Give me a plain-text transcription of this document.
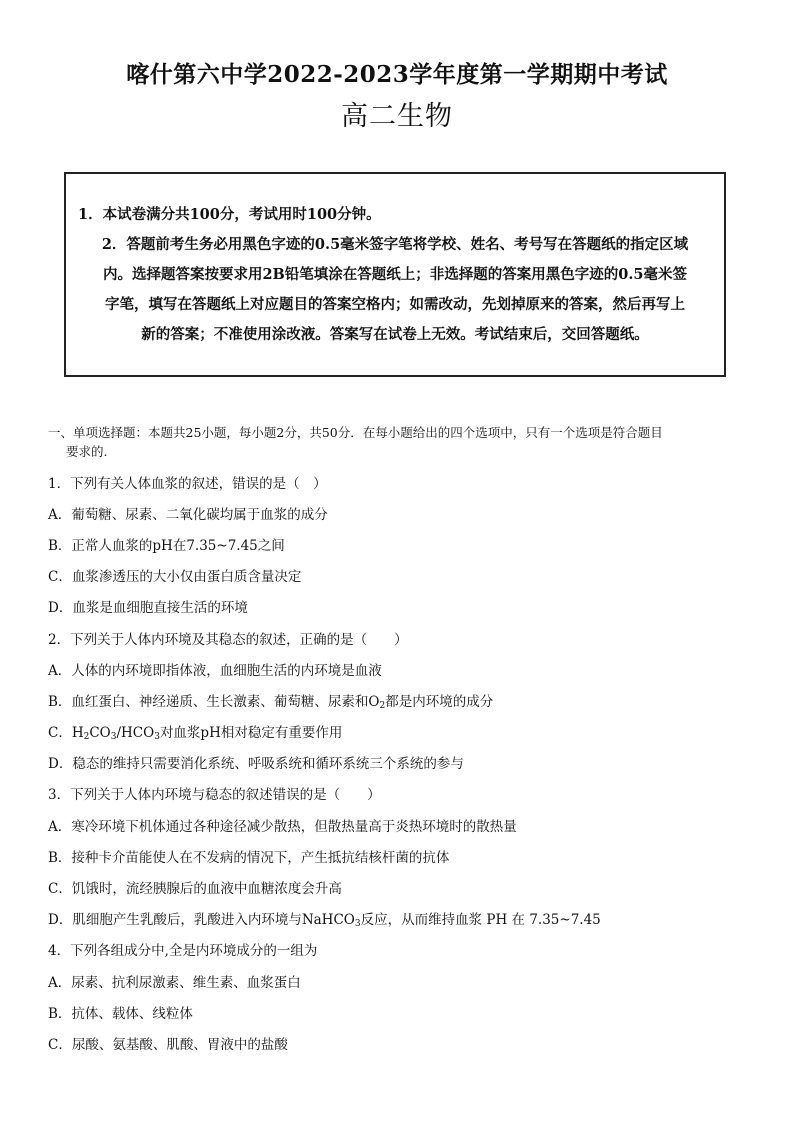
喀什第六中学2022-2023学年度第一学期期中考试
高二生物

1．本试卷满分共100分，考试用时100分钟。

2．答题前考生务必用黑色字迹的0.5毫米签字笔将学校、姓名、考号写在答题纸的指定区域

内。选择题答案按要求用2B铅笔填涂在答题纸上；非选择题的答案用黑色字迹的0.5毫米签

字笔，填写在答题纸上对应题目的答案空格内；如需改动，先划掉原来的答案，然后再写上

新的答案；不准使用涂改液。答案写在试卷上无效。考试结束后，交回答题纸。

一、单项选择题：本题共25小题，每小题2分，共50分．在每小题给出的四个选项中，只有一个选项是符合题目
要求的.
1．下列有关人体血浆的叙述，错误的是（　）
A．葡萄糖、尿素、二氧化碳均属于血浆的成分
B．正常人血浆的pH在7.35~7.45之间
C．血浆渗透压的大小仅由蛋白质含量决定
D．血浆是血细胞直接生活的环境
2．下列关于人体内环境及其稳态的叙述，正确的是（　　）
A．人体的内环境即指体液，血细胞生活的内环境是血液
B．血红蛋白、神经递质、生长激素、葡萄糖、尿素和$O_2$都是内环境的成分
C．$H_2CO_3/HCO_3$对血浆pH相对稳定有重要作用
D．稳态的维持只需要消化系统、呼吸系统和循环系统三个系统的参与
3．下列关于人体内环境与稳态的叙述错误的是（　　）
A．寒冷环境下机体通过各种途径减少散热，但散热量高于炎热环境时的散热量
B．接种卡介苗能使人在不发病的情况下，产生抵抗结核杆菌的抗体
C．饥饿时，流经胰腺后的血液中血糖浓度会升高
D．肌细胞产生乳酸后，乳酸进入内环境与NaHCO$_3$反应，从而维持血浆 PH 在 7.35~7.45
4．下列各组成分中,全是内环境成分的一组为
A．尿素、抗利尿激素、维生素、血浆蛋白
B．抗体、载体、线粒体
C．尿酸、氨基酸、肌酸、胃液中的盐酸
